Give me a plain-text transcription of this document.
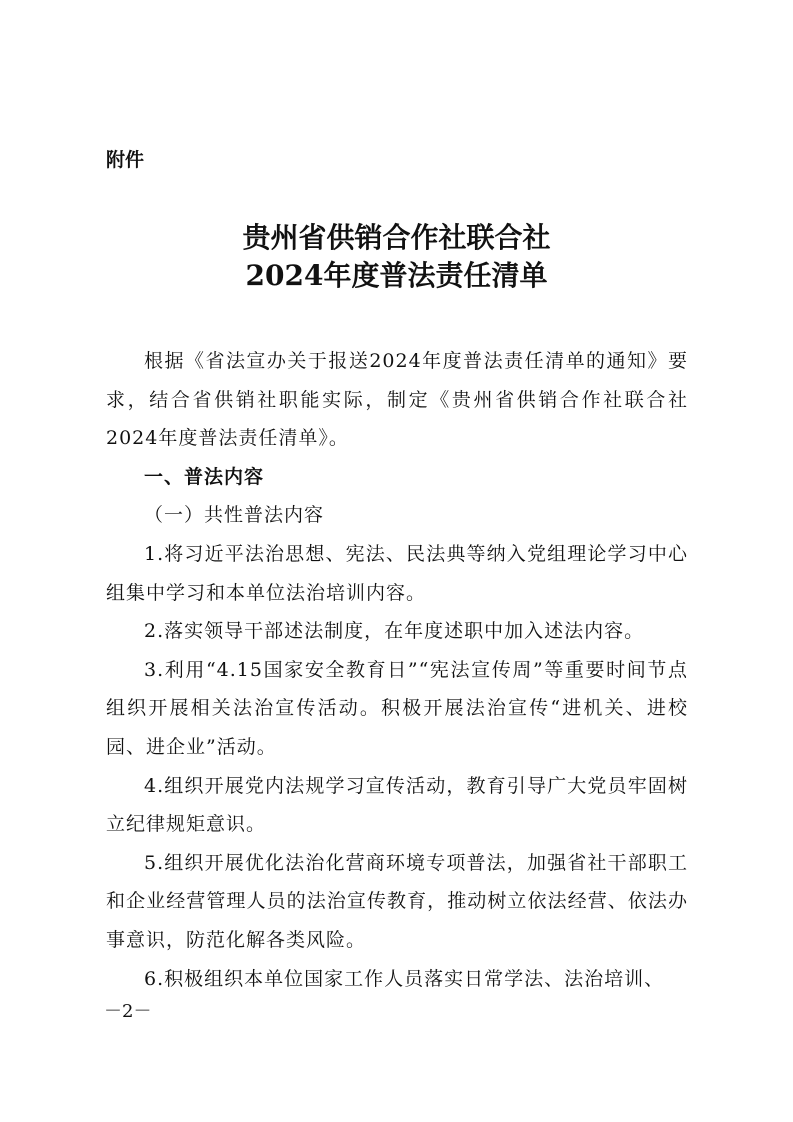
附件

贵州省供销合作社联合社
2024年度普法责任清单

根据《省法宣办关于报送2024年度普法责任清单的通知》要求，结合省供销社职能实际，制定《贵州省供销合作社联合社2024年度普法责任清单》。

一、普法内容

（一）共性普法内容

1.将习近平法治思想、宪法、民法典等纳入党组理论学习中心组集中学习和本单位法治培训内容。

2.落实领导干部述法制度，在年度述职中加入述法内容。

3.利用“4.15国家安全教育日”“宪法宣传周”等重要时间节点组织开展相关法治宣传活动。积极开展法治宣传“进机关、进校园、进企业”活动。

4.组织开展党内法规学习宣传活动，教育引导广大党员牢固树立纪律规矩意识。

5.组织开展优化法治化营商环境专项普法，加强省社干部职工和企业经营管理人员的法治宣传教育，推动树立依法经营、依法办事意识，防范化解各类风险。

6.积极组织本单位国家工作人员落实日常学法、法治培训、

－2－
